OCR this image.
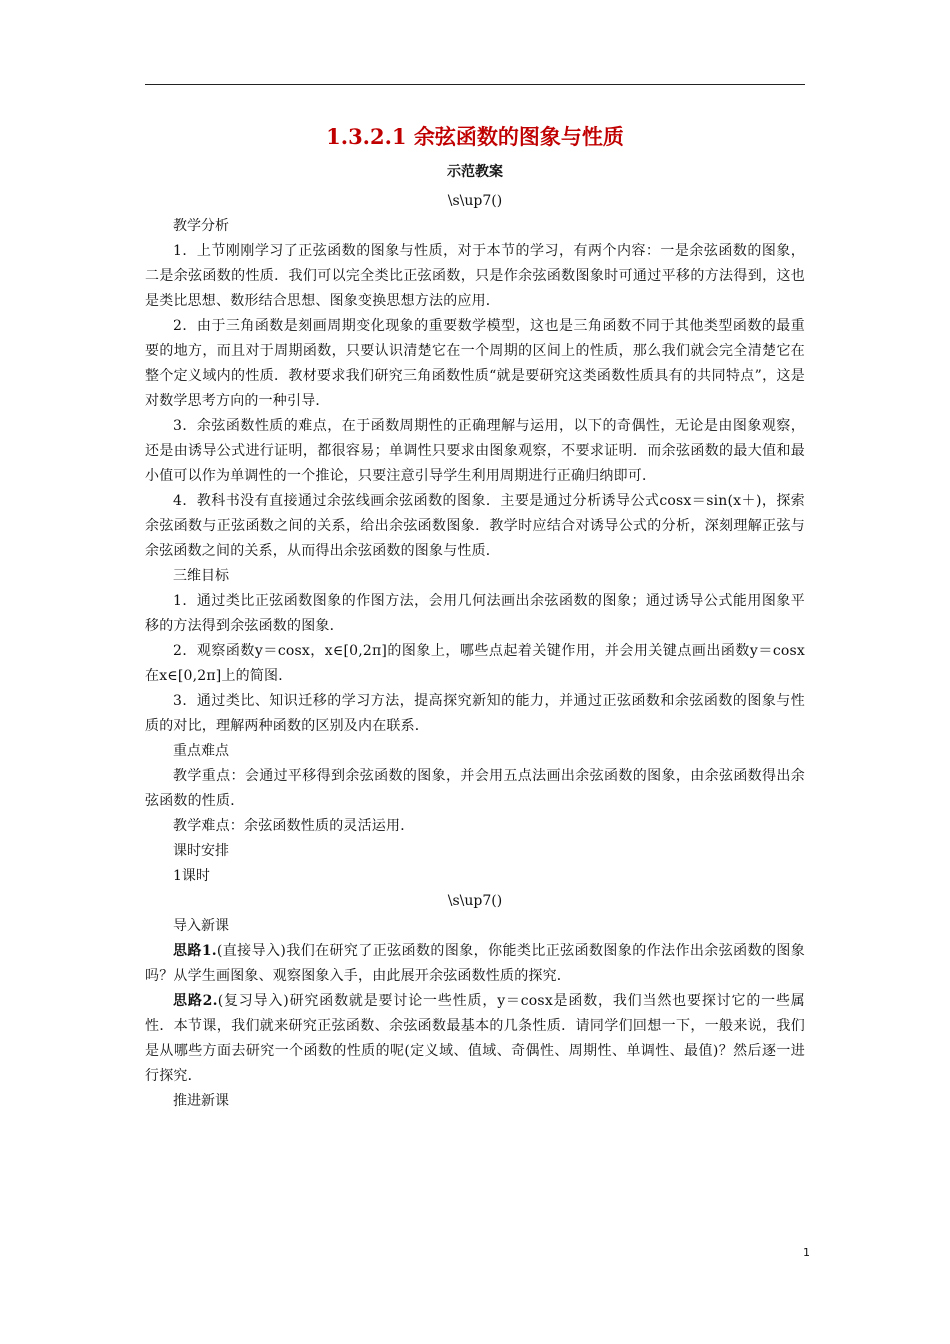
1.3.2.1 余弦函数的图象与性质
示范教案
\s\up7()
教学分析

1．上节刚刚学习了正弦函数的图象与性质，对于本节的学习，有两个内容：一是余弦函数的图象，二是余弦函数的性质．我们可以完全类比正弦函数，只是作余弦函数图象时可通过平移的方法得到，这也是类比思想、数形结合思想、图象变换思想方法的应用．

2．由于三角函数是刻画周期变化现象的重要数学模型，这也是三角函数不同于其他类型函数的最重要的地方，而且对于周期函数，只要认识清楚它在一个周期的区间上的性质，那么我们就会完全清楚它在整个定义域内的性质．教材要求我们研究三角函数性质“就是要研究这类函数性质具有的共同特点”，这是对数学思考方向的一种引导．

3．余弦函数性质的难点，在于函数周期性的正确理解与运用，以下的奇偶性，无论是由图象观察，还是由诱导公式进行证明，都很容易；单调性只要求由图象观察，不要求证明．而余弦函数的最大值和最小值可以作为单调性的一个推论，只要注意引导学生利用周期进行正确归纳即可．

4．教科书没有直接通过余弦线画余弦函数的图象．主要是通过分析诱导公式cosx＝sin(x＋)，探索余弦函数与正弦函数之间的关系，给出余弦函数图象．教学时应结合对诱导公式的分析，深刻理解正弦与余弦函数之间的关系，从而得出余弦函数的图象与性质．

三维目标

1．通过类比正弦函数图象的作图方法，会用几何法画出余弦函数的图象；通过诱导公式能用图象平移的方法得到余弦函数的图象．

2．观察函数y＝cosx，x∈[0,2π]的图象上，哪些点起着关键作用，并会用关键点画出函数y＝cosx在x∈[0,2π]上的简图．

3．通过类比、知识迁移的学习方法，提高探究新知的能力，并通过正弦函数和余弦函数的图象与性质的对比，理解两种函数的区别及内在联系．

重点难点

教学重点：会通过平移得到余弦函数的图象，并会用五点法画出余弦函数的图象，由余弦函数得出余弦函数的性质．

教学难点：余弦函数性质的灵活运用．

课时安排
1课时
\s\up7()
导入新课

思路1.(直接导入)我们在研究了正弦函数的图象，你能类比正弦函数图象的作法作出余弦函数的图象吗？从学生画图象、观察图象入手，由此展开余弦函数性质的探究．

思路2.(复习导入)研究函数就是要讨论一些性质，y＝cosx是函数，我们当然也要探讨它的一些属性．本节课，我们就来研究正弦函数、余弦函数最基本的几条性质．请同学们回想一下，一般来说，我们是从哪些方面去研究一个函数的性质的呢(定义域、值域、奇偶性、周期性、单调性、最值)？然后逐一进行探究．

推进新课
1
